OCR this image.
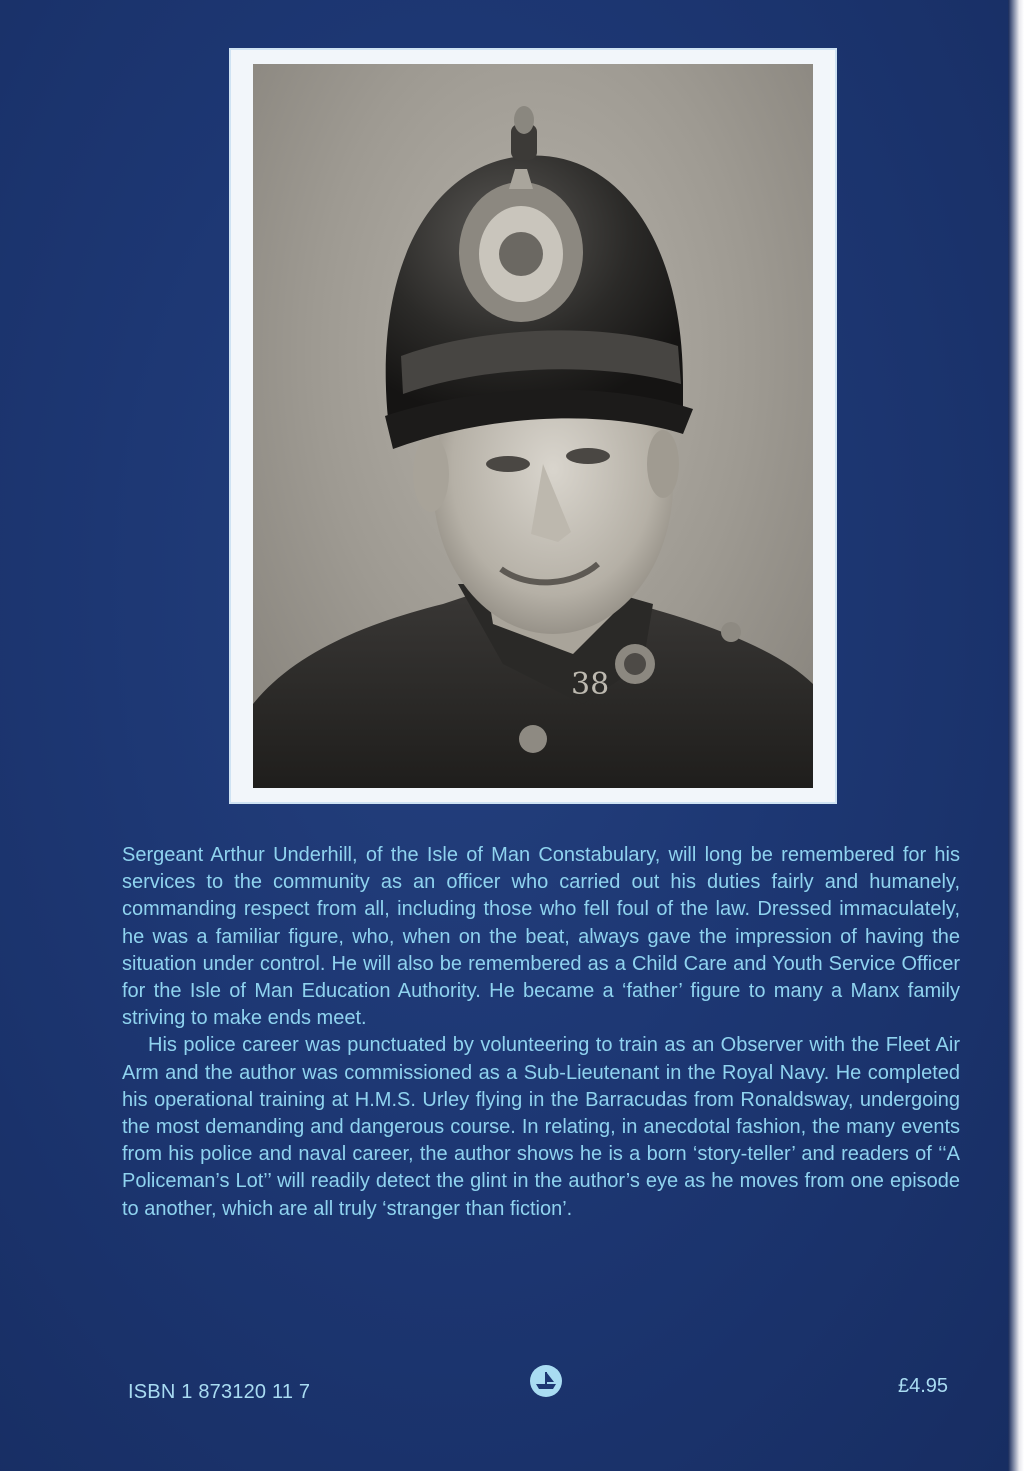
38

Sergeant Arthur Underhill, of the Isle of Man Constabulary, will long be remembered for his services to the community as an officer who carried out his duties fairly and humanely, commanding respect from all, including those who fell foul of the law. Dressed immaculately, he was a familiar figure, who, when on the beat, always gave the impression of having the situation under control. He will also be remembered as a Child Care and Youth Service Officer for the Isle of Man Education Authority. He became a ‘father’ figure to many a Manx family striving to make ends meet.

His police career was punctuated by volunteering to train as an Observer with the Fleet Air Arm and the author was commissioned as a Sub-Lieutenant in the Royal Navy. He completed his operational training at H.M.S. Urley flying in the Barracudas from Ronaldsway, undergoing the most demanding and dangerous course. In relating, in anecdotal fashion, the many events from his police and naval career, the author shows he is a born ‘story-teller’ and readers of ‘‘A Policeman’s Lot’’ will readily detect the glint in the author’s eye as he moves from one episode to another, which are all truly ‘stranger than fiction’.

ISBN 1 873120 11 7	£4.95
